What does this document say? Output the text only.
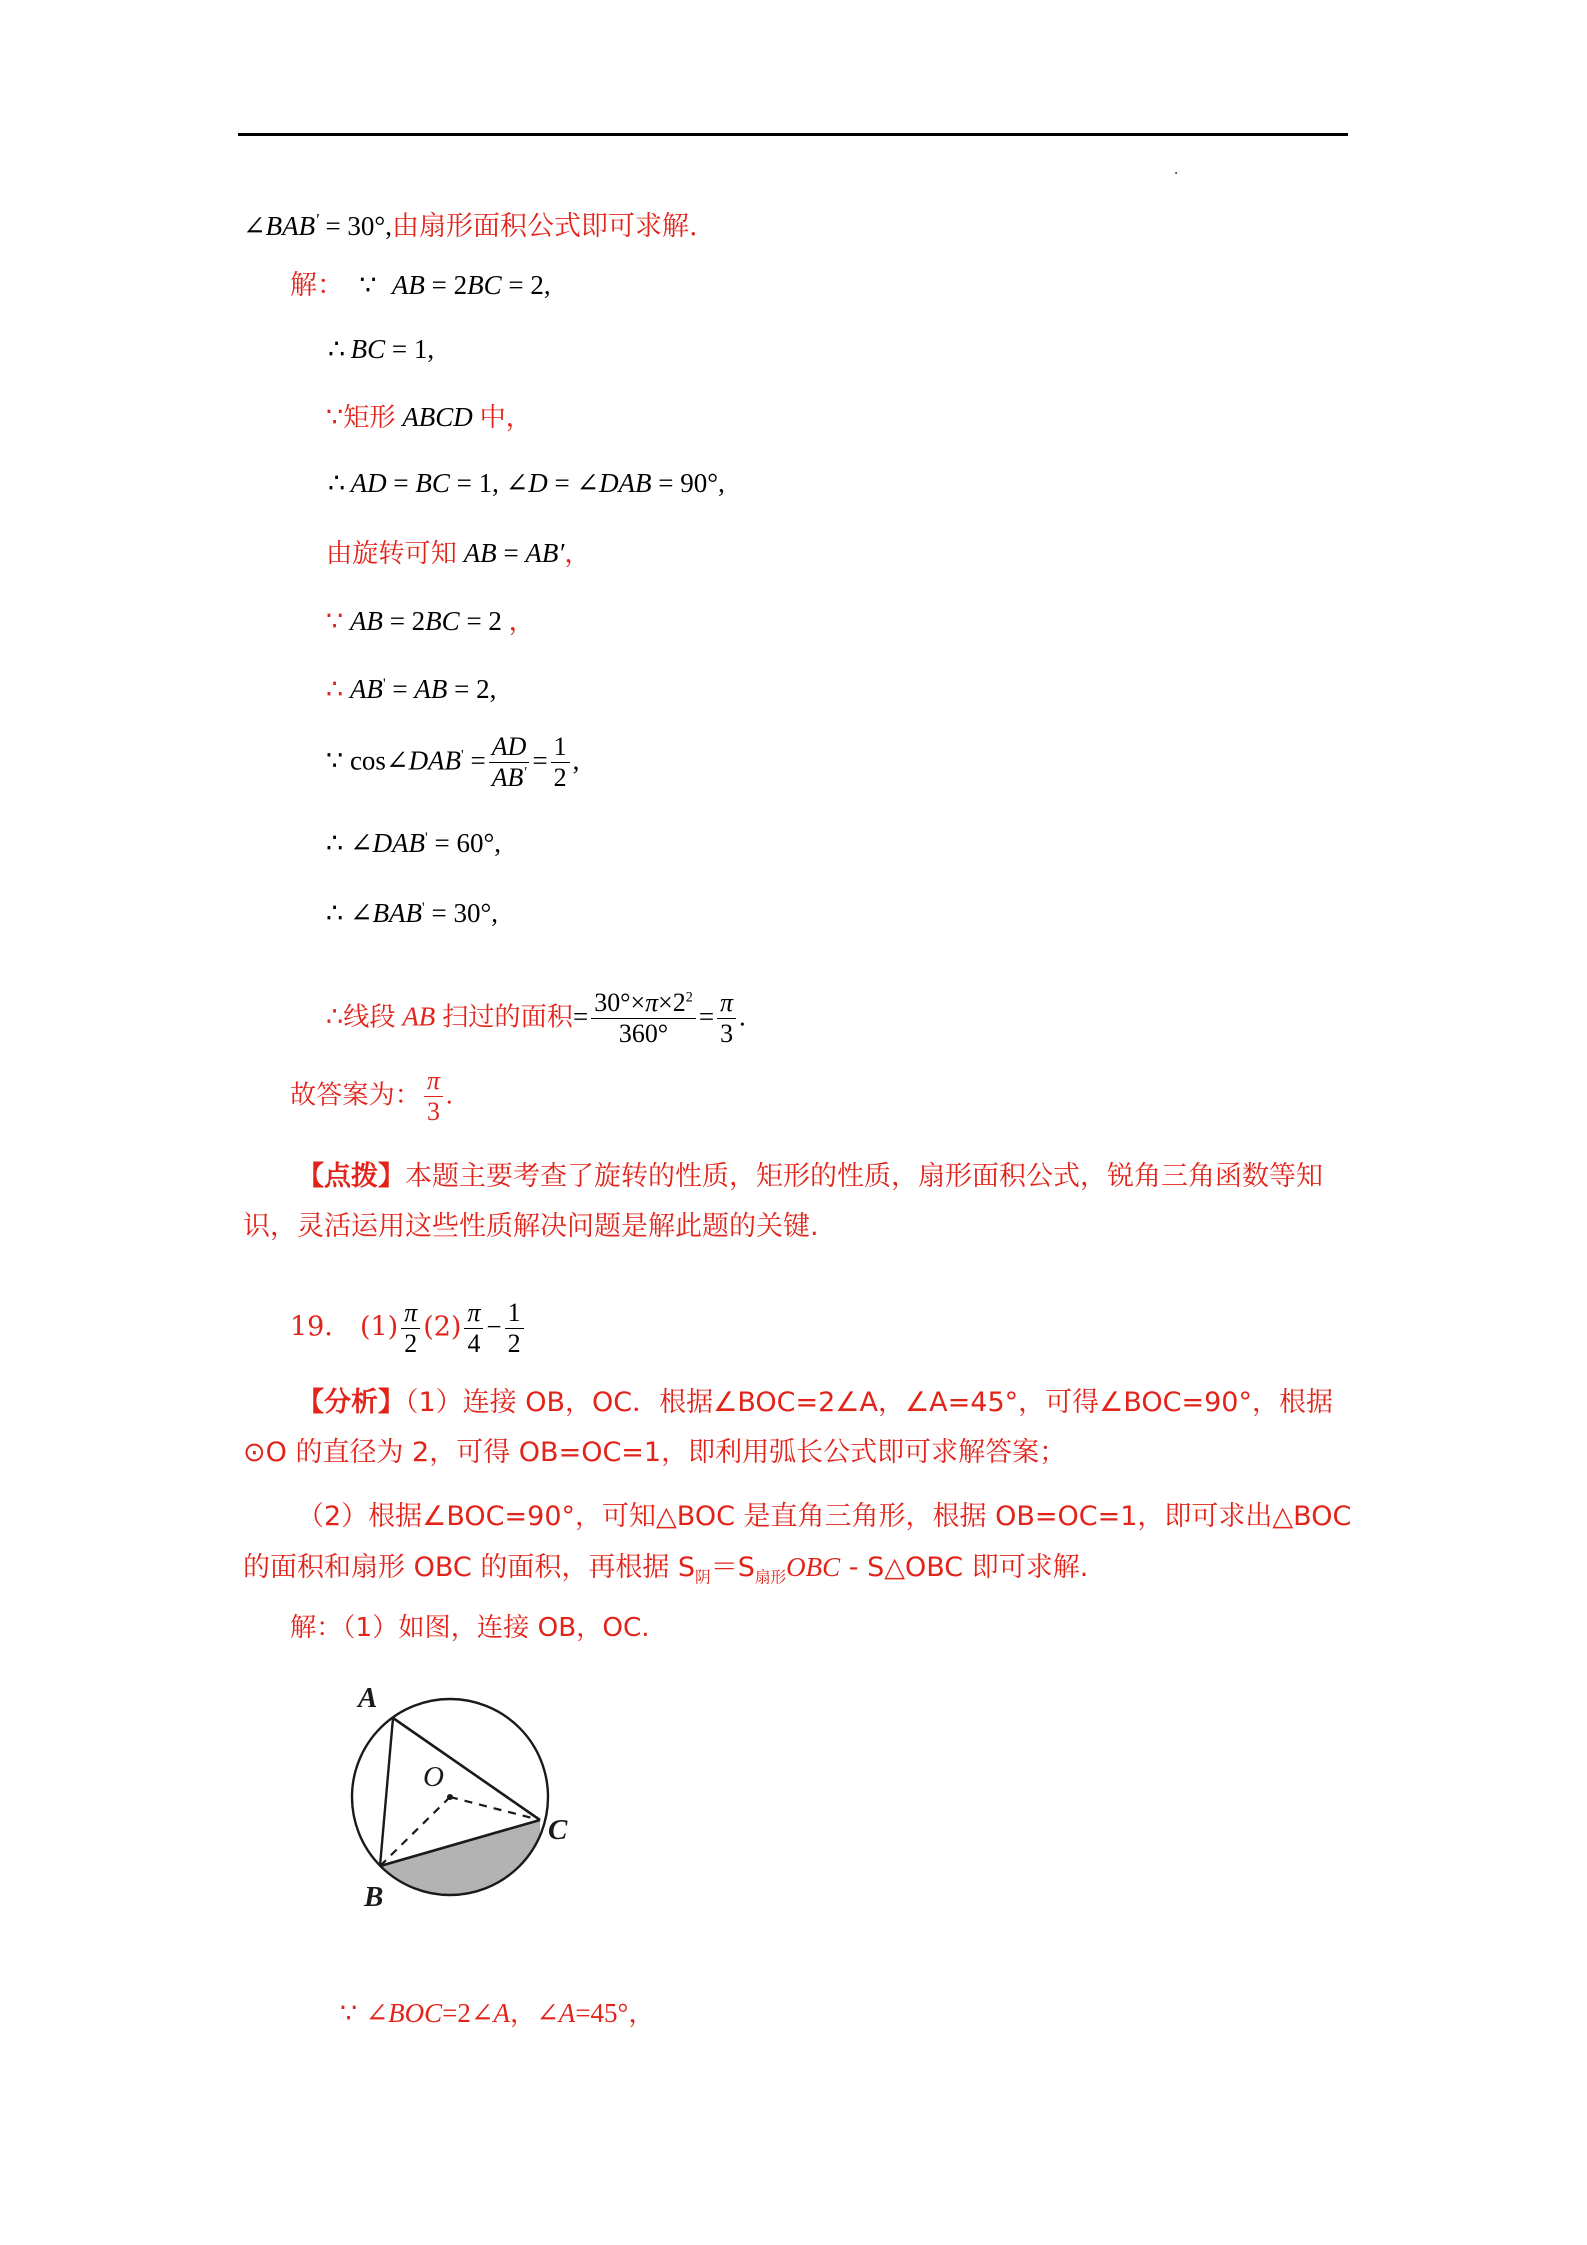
.
∠BAB' = 30°,由扇形面积公式即可求解.
解：  ∵  AB = 2BC = 2,
∴ BC = 1,
∵矩形 ABCD 中，
∴ AD = BC = 1, ∠D = ∠DAB = 90°,
由旋转可知 AB = AB′，
∵ AB = 2BC = 2 ，
∴ AB' = AB = 2,
∵ cos∠DAB' = $\frac{AD}{AB'} = \frac{1}{2}$ ,
∴ ∠DAB' = 60°,
∴ ∠BAB' = 30°,
∴线段 AB 扫过的面积= $\frac{30^\circ\times\pi\times 2^2}{360^\circ} = \frac{\pi}{3}$ .
故答案为： $\frac{\pi}{3}$ .
【点拨】本题主要考查了旋转的性质，矩形的性质，扇形面积公式，锐角三角函数等知识，灵活运用这些性质解决问题是解此题的关键.
19． $(1) \frac{\pi}{2} (2) \frac{\pi}{4} - \frac{1}{2}$
【分析】（1）连接 OB，OC．根据∠BOC=2∠A，∠A=45°，可得∠BOC=90°，根据⊙O 的直径为 2，可得 OB=OC=1，即利用弧长公式即可求解答案；
（2）根据∠BOC=90°，可知△BOC 是直角三角形，根据 OB=OC=1，即可求出△BOC的面积和扇形 OBC 的面积，再根据 $S_阴=S_{扇形}OBC$ - S△OBC 即可求解.
解：（1）如图，连接 OB，OC.
A
O
C
B
∵ ∠BOC=2∠A，∠A=45°，
